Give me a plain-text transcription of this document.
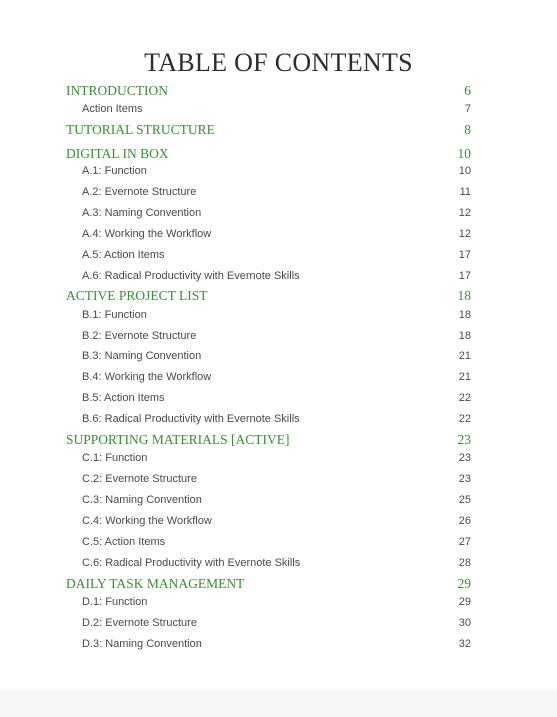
TABLE OF CONTENTS
INTRODUCTION	6
Action Items	7
TUTORIAL STRUCTURE	8
DIGITAL IN BOX	10
A.1: Function	10
A.2: Evernote Structure	11
A.3: Naming Convention	12
A.4: Working the Workflow	12
A.5: Action Items	17
A.6: Radical Productivity with Evernote Skills	17
ACTIVE PROJECT LIST	18
B.1: Function	18
B.2: Evernote Structure	18
B.3: Naming Convention	21
B.4: Working the Workflow	21
B.5: Action Items	22
B.6: Radical Productivity with Evernote Skills	22
SUPPORTING MATERIALS [ACTIVE]	23
C.1: Function	23
C.2: Evernote Structure	23
C.3: Naming Convention	25
C.4: Working the Workflow	26
C.5: Action Items	27
C.6: Radical Productivity with Evernote Skills	28
DAILY TASK MANAGEMENT	29
D.1: Function	29
D.2: Evernote Structure	30
D.3: Naming Convention	32
